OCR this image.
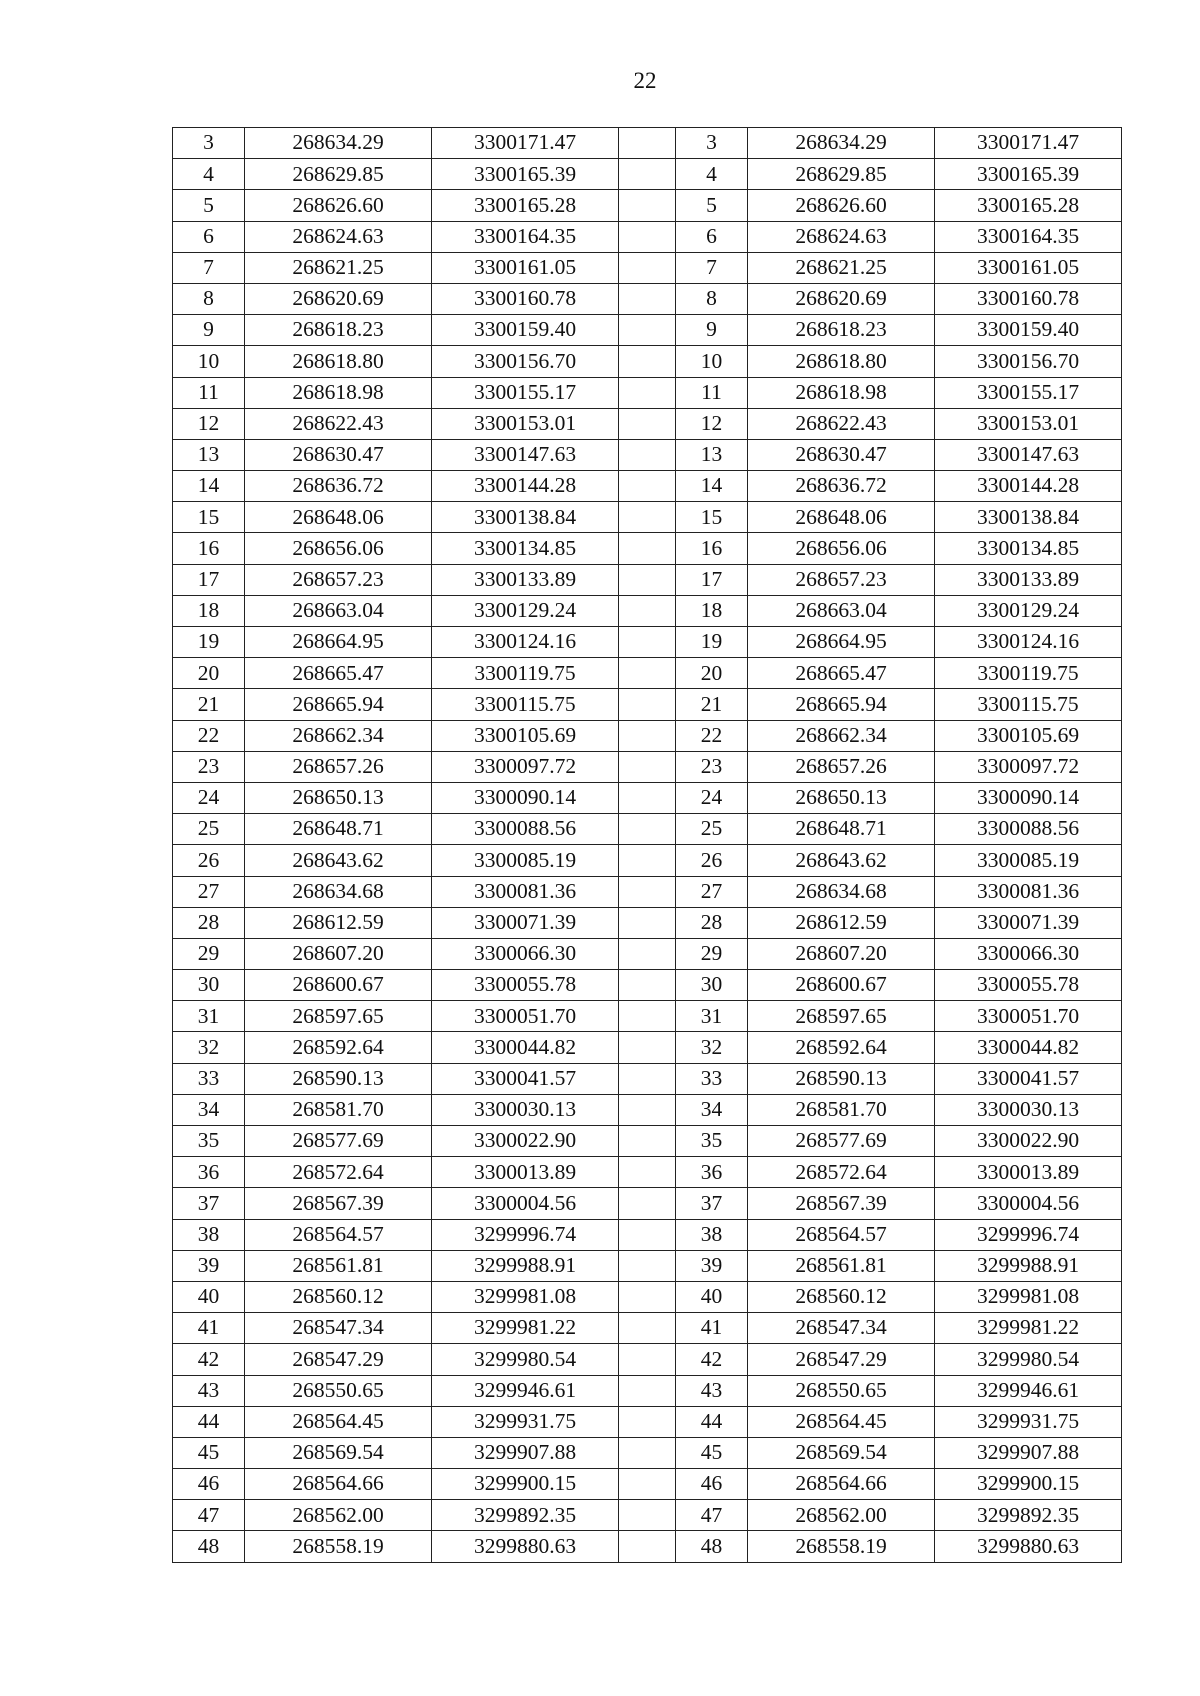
22
3	268634.29	3300171.47		3	268634.29	3300171.47
4	268629.85	3300165.39		4	268629.85	3300165.39
5	268626.60	3300165.28		5	268626.60	3300165.28
6	268624.63	3300164.35		6	268624.63	3300164.35
7	268621.25	3300161.05		7	268621.25	3300161.05
8	268620.69	3300160.78		8	268620.69	3300160.78
9	268618.23	3300159.40		9	268618.23	3300159.40
10	268618.80	3300156.70		10	268618.80	3300156.70
11	268618.98	3300155.17		11	268618.98	3300155.17
12	268622.43	3300153.01		12	268622.43	3300153.01
13	268630.47	3300147.63		13	268630.47	3300147.63
14	268636.72	3300144.28		14	268636.72	3300144.28
15	268648.06	3300138.84		15	268648.06	3300138.84
16	268656.06	3300134.85		16	268656.06	3300134.85
17	268657.23	3300133.89		17	268657.23	3300133.89
18	268663.04	3300129.24		18	268663.04	3300129.24
19	268664.95	3300124.16		19	268664.95	3300124.16
20	268665.47	3300119.75		20	268665.47	3300119.75
21	268665.94	3300115.75		21	268665.94	3300115.75
22	268662.34	3300105.69		22	268662.34	3300105.69
23	268657.26	3300097.72		23	268657.26	3300097.72
24	268650.13	3300090.14		24	268650.13	3300090.14
25	268648.71	3300088.56		25	268648.71	3300088.56
26	268643.62	3300085.19		26	268643.62	3300085.19
27	268634.68	3300081.36		27	268634.68	3300081.36
28	268612.59	3300071.39		28	268612.59	3300071.39
29	268607.20	3300066.30		29	268607.20	3300066.30
30	268600.67	3300055.78		30	268600.67	3300055.78
31	268597.65	3300051.70		31	268597.65	3300051.70
32	268592.64	3300044.82		32	268592.64	3300044.82
33	268590.13	3300041.57		33	268590.13	3300041.57
34	268581.70	3300030.13		34	268581.70	3300030.13
35	268577.69	3300022.90		35	268577.69	3300022.90
36	268572.64	3300013.89		36	268572.64	3300013.89
37	268567.39	3300004.56		37	268567.39	3300004.56
38	268564.57	3299996.74		38	268564.57	3299996.74
39	268561.81	3299988.91		39	268561.81	3299988.91
40	268560.12	3299981.08		40	268560.12	3299981.08
41	268547.34	3299981.22		41	268547.34	3299981.22
42	268547.29	3299980.54		42	268547.29	3299980.54
43	268550.65	3299946.61		43	268550.65	3299946.61
44	268564.45	3299931.75		44	268564.45	3299931.75
45	268569.54	3299907.88		45	268569.54	3299907.88
46	268564.66	3299900.15		46	268564.66	3299900.15
47	268562.00	3299892.35		47	268562.00	3299892.35
48	268558.19	3299880.63		48	268558.19	3299880.63
